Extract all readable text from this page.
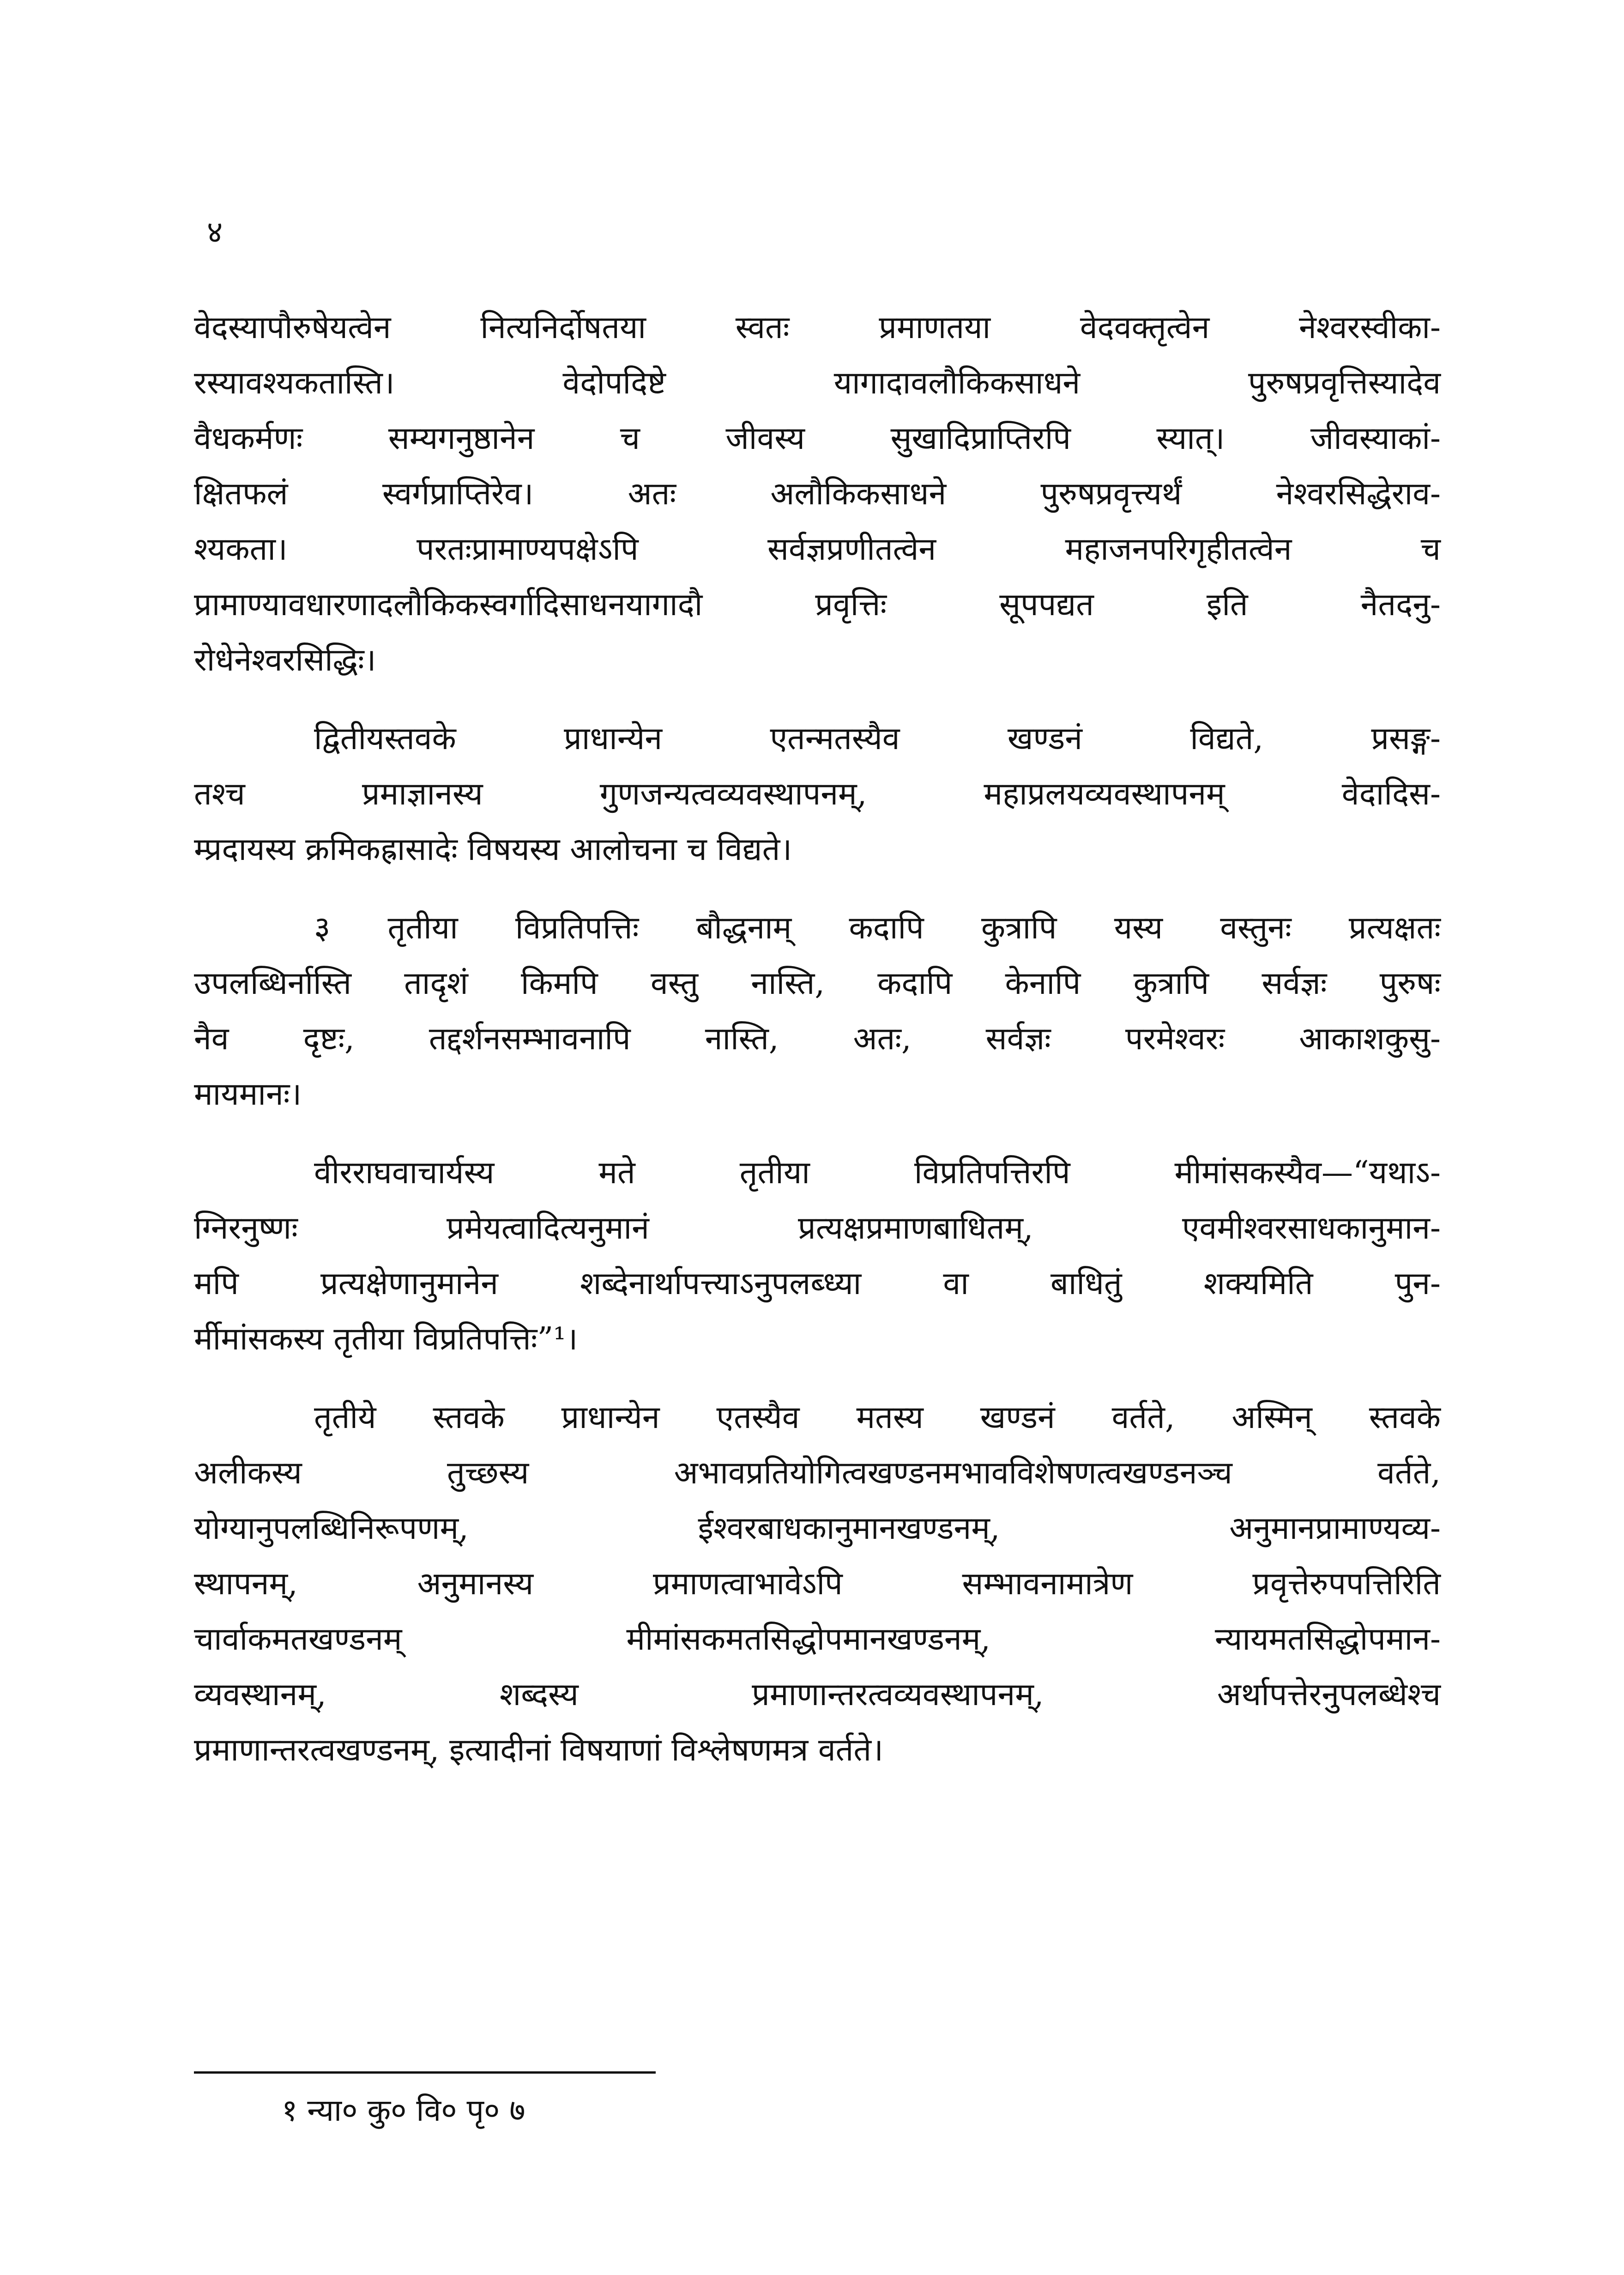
४
वेदस्यापौरुषेयत्वेन नित्यनिर्दोषतया स्वतः प्रमाणतया वेदवक्तृत्वेन नेश्वरस्वीका-
रस्यावश्यकतास्ति। वेदोपदिष्टे यागादावलौकिकसाधने पुरुषप्रवृत्तिस्यादेव
वैधकर्मणः सम्यगनुष्ठानेन च जीवस्य सुखादिप्राप्तिरपि स्यात्। जीवस्याकां-
क्षितफलं स्वर्गप्राप्तिरेव। अतः अलौकिकसाधने पुरुषप्रवृत्त्यर्थं नेश्वरसिद्धेराव-
श्यकता। परतःप्रामाण्यपक्षेऽपि सर्वज्ञप्रणीतत्वेन महाजनपरिगृहीतत्वेन च
प्रामाण्यावधारणादलौकिकस्वर्गादिसाधनयागादौ प्रवृत्तिः सूपपद्यत इति नैतदनु-
रोधेनेश्वरसिद्धिः।
द्वितीयस्तवके प्राधान्येन एतन्मतस्यैव खण्डनं विद्यते, प्रसङ्ग-
तश्च प्रमाज्ञानस्य गुणजन्यत्वव्यवस्थापनम्, महाप्रलयव्यवस्थापनम् वेदादिस-
म्प्रदायस्य क्रमिकह्रासादेः विषयस्य आलोचना च विद्यते।
३ तृतीया विप्रतिपत्तिः बौद्धनाम् कदापि कुत्रापि यस्य वस्तुनः प्रत्यक्षतः
उपलब्धिर्नास्ति तादृशं किमपि वस्तु नास्ति, कदापि केनापि कुत्रापि सर्वज्ञः पुरुषः
नैव दृष्टः, तद्दर्शनसम्भावनापि नास्ति, अतः, सर्वज्ञः परमेश्वरः आकाशकुसु-
मायमानः।
वीरराघवाचार्यस्य मते तृतीया विप्रतिपत्तिरपि मीमांसकस्यैव—“यथाऽ-
ग्निरनुष्णः प्रमेयत्वादित्यनुमानं प्रत्यक्षप्रमाणबाधितम्, एवमीश्वरसाधकानुमान-
मपि प्रत्यक्षेणानुमानेन शब्देनार्थापत्त्याऽनुपलब्ध्या वा बाधितुं शक्यमिति पुन-
र्मीमांसकस्य तृतीया विप्रतिपत्तिः”¹।
तृतीये स्तवके प्राधान्येन एतस्यैव मतस्य खण्डनं वर्तते, अस्मिन् स्तवके
अलीकस्य तुच्छस्य अभावप्रतियोगित्वखण्डनमभावविशेषणत्वखण्डनञ्च वर्तते,
योग्यानुपलब्धिनिरूपणम्, ईश्वरबाधकानुमानखण्डनम्, अनुमानप्रामाण्यव्य-
स्थापनम्, अनुमानस्य प्रमाणत्वाभावेऽपि सम्भावनामात्रेण प्रवृत्तेरुपपत्तिरिति
चार्वाकमतखण्डनम् मीमांसकमतसिद्धोपमानखण्डनम्, न्यायमतसिद्धोपमान-
व्यवस्थानम्, शब्दस्य प्रमाणान्तरत्वव्यवस्थापनम्, अर्थापत्तेरनुपलब्धेश्च
प्रमाणान्तरत्वखण्डनम्, इत्यादीनां विषयाणां विश्लेषणमत्र वर्तते।
१ न्या० कु० वि० पृ० ७
